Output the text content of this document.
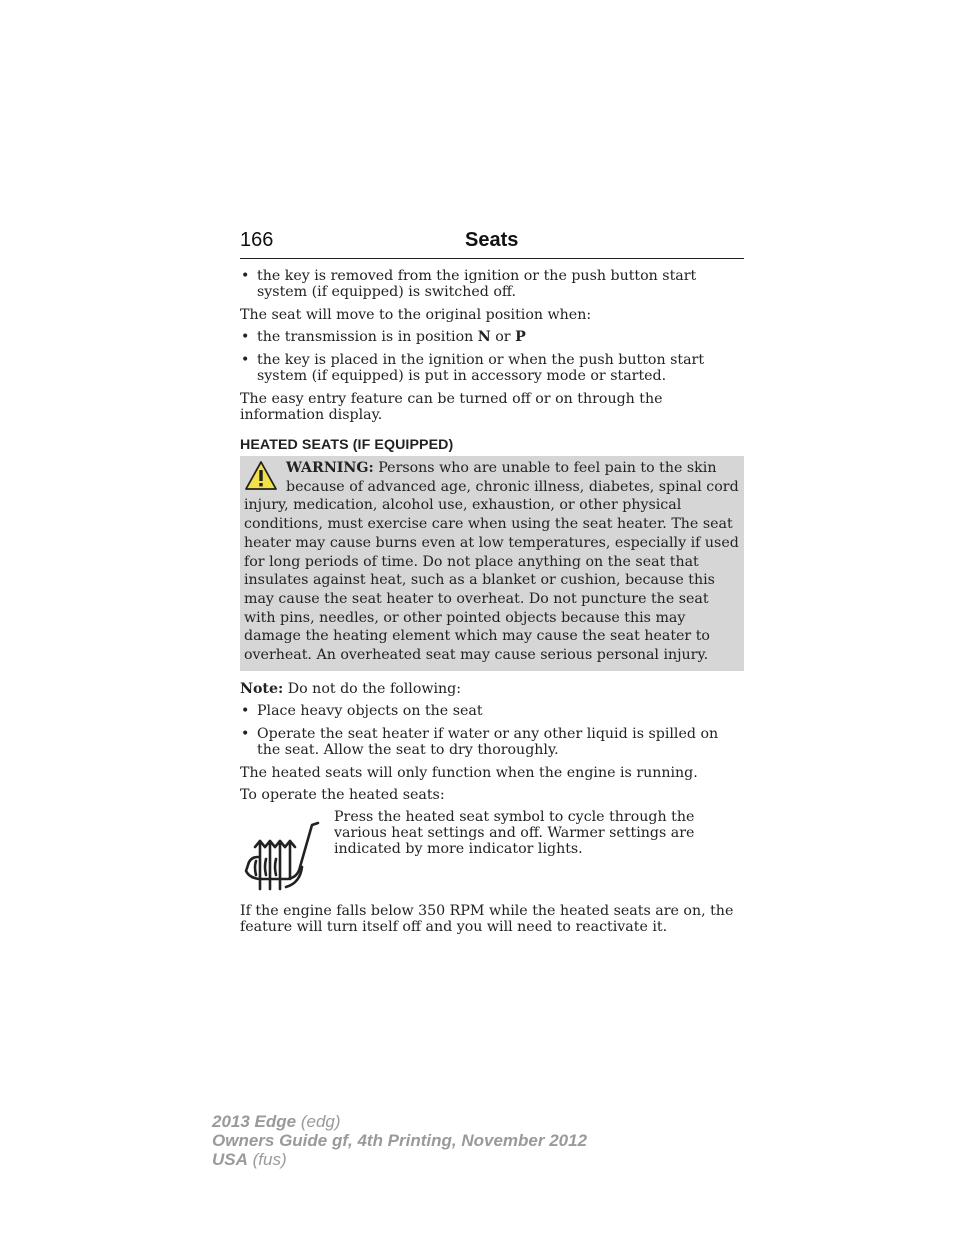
166	Seats
• the key is removed from the ignition or the push button start system (if equipped) is switched off.

The seat will move to the original position when:

• the transmission is in position N or P
• the key is placed in the ignition or when the push button start system (if equipped) is put in accessory mode or started.

The easy entry feature can be turned off or on through the information display.

HEATED SEATS (IF EQUIPPED)
WARNING: Persons who are unable to feel pain to the skin because of advanced age, chronic illness, diabetes, spinal cord injury, medication, alcohol use, exhaustion, or other physical conditions, must exercise care when using the seat heater. The seat heater may cause burns even at low temperatures, especially if used for long periods of time. Do not place anything on the seat that insulates against heat, such as a blanket or cushion, because this may cause the seat heater to overheat. Do not puncture the seat with pins, needles, or other pointed objects because this may damage the heating element which may cause the seat heater to overheat. An overheated seat may cause serious personal injury.

Note: Do not do the following:

• Place heavy objects on the seat
• Operate the seat heater if water or any other liquid is spilled on the seat. Allow the seat to dry thoroughly.

The heated seats will only function when the engine is running.

To operate the heated seats:

Press the heated seat symbol to cycle through the various heat settings and off. Warmer settings are indicated by more indicator lights.

If the engine falls below 350 RPM while the heated seats are on, the feature will turn itself off and you will need to reactivate it.

2013 Edge (edg)
Owners Guide gf, 4th Printing, November 2012
USA (fus)
